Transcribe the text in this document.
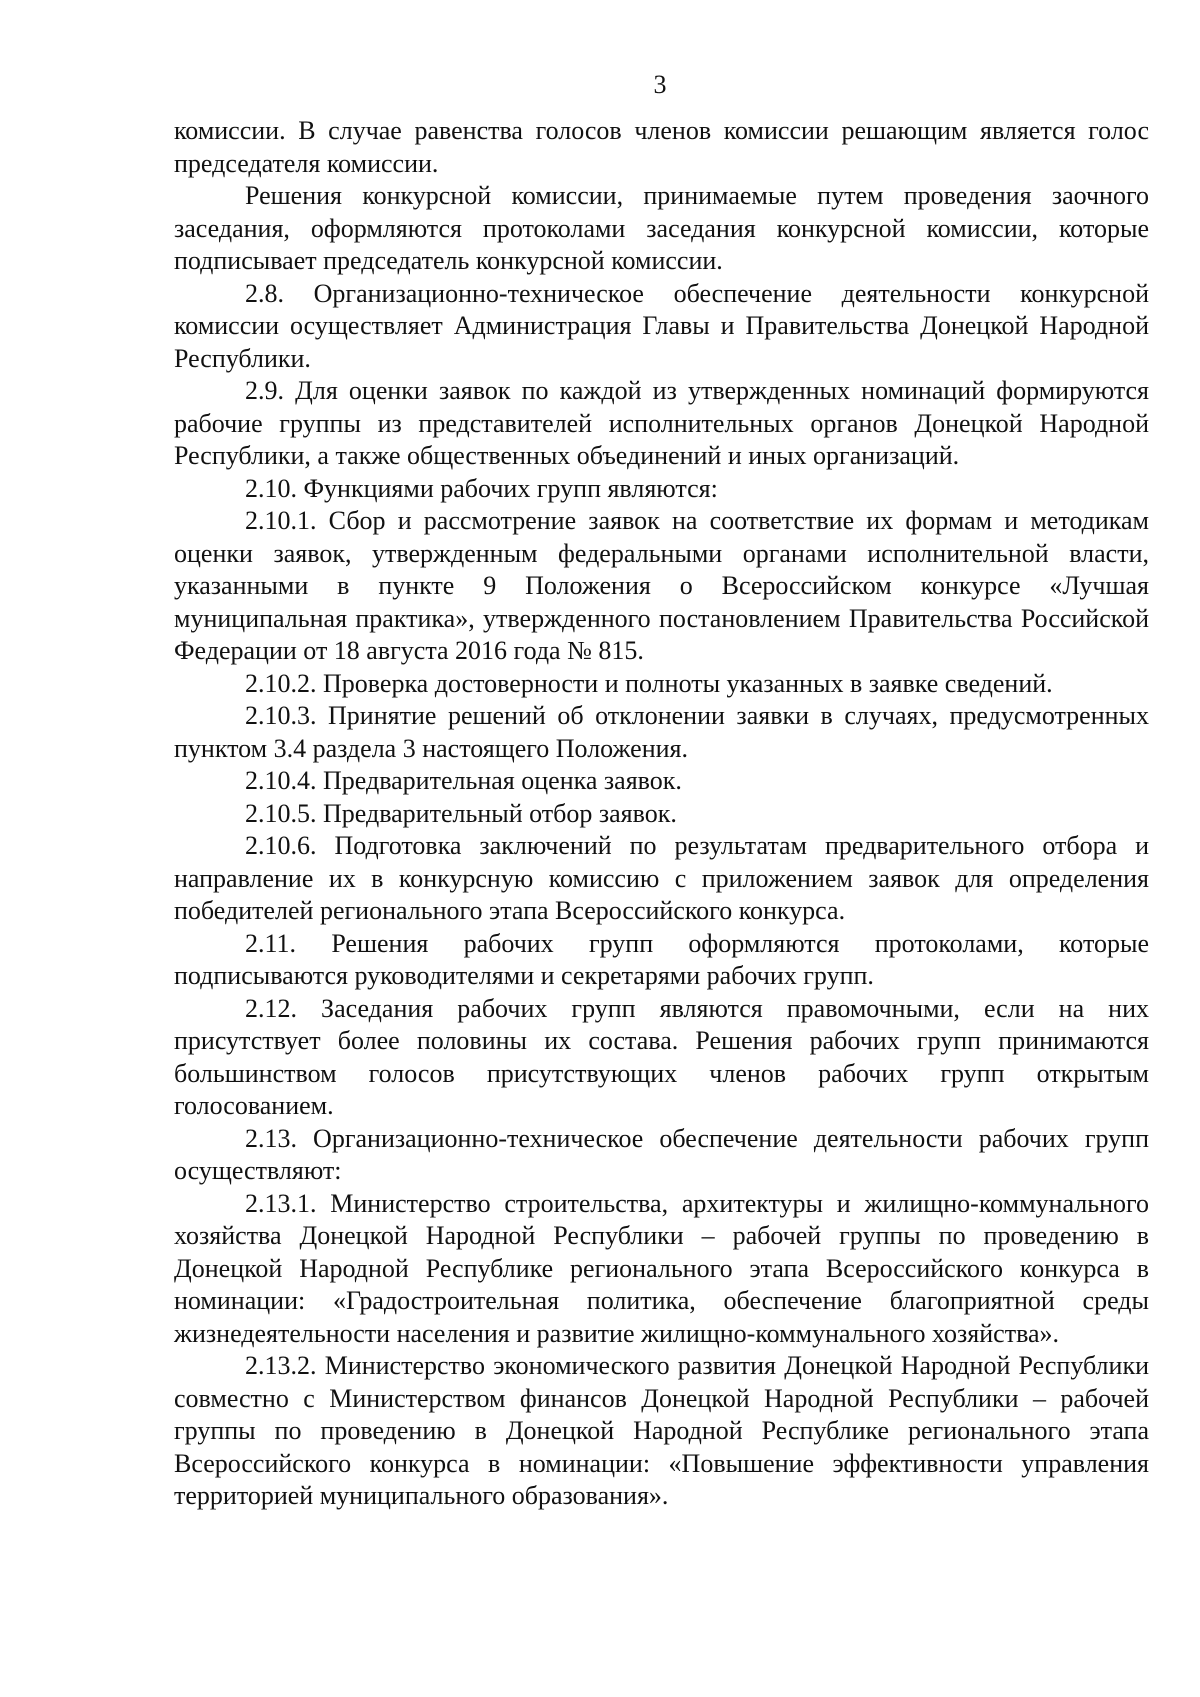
3

комиссии. В случае равенства голосов членов комиссии решающим является голос председателя комиссии.

Решения конкурсной комиссии, принимаемые путем проведения заочного заседания, оформляются протоколами заседания конкурсной комиссии, которые подписывает председатель конкурсной комиссии.

2.8. Организационно-техническое обеспечение деятельности конкурсной комиссии осуществляет Администрация Главы и Правительства Донецкой Народной Республики.

2.9. Для оценки заявок по каждой из утвержденных номинаций формируются рабочие группы из представителей исполнительных органов Донецкой Народной Республики, а также общественных объединений и иных организаций.

2.10. Функциями рабочих групп являются:

2.10.1. Сбор и рассмотрение заявок на соответствие их формам и методикам оценки заявок, утвержденным федеральными органами исполнительной власти, указанными в пункте 9 Положения о Всероссийском конкурсе «Лучшая муниципальная практика», утвержденного постановлением Правительства Российской Федерации от 18 августа 2016 года № 815.

2.10.2. Проверка достоверности и полноты указанных в заявке сведений.

2.10.3. Принятие решений об отклонении заявки в случаях, предусмотренных пунктом 3.4 раздела 3 настоящего Положения.

2.10.4. Предварительная оценка заявок.

2.10.5. Предварительный отбор заявок.

2.10.6. Подготовка заключений по результатам предварительного отбора и направление их в конкурсную комиссию с приложением заявок для определения победителей регионального этапа Всероссийского конкурса.

2.11. Решения рабочих групп оформляются протоколами, которые подписываются руководителями и секретарями рабочих групп.

2.12. Заседания рабочих групп являются правомочными, если на них присутствует более половины их состава. Решения рабочих групп принимаются большинством голосов присутствующих членов рабочих групп открытым голосованием.

2.13. Организационно-техническое обеспечение деятельности рабочих групп осуществляют:

2.13.1. Министерство строительства, архитектуры и жилищно-коммунального хозяйства Донецкой Народной Республики – рабочей группы по проведению в Донецкой Народной Республике регионального этапа Всероссийского конкурса в номинации: «Градостроительная политика, обеспечение благоприятной среды жизнедеятельности населения и развитие жилищно-коммунального хозяйства».

2.13.2. Министерство экономического развития Донецкой Народной Республики совместно с Министерством финансов Донецкой Народной Республики – рабочей группы по проведению в Донецкой Народной Республике регионального этапа Всероссийского конкурса в номинации: «Повышение эффективности управления территорией муниципального образования».
